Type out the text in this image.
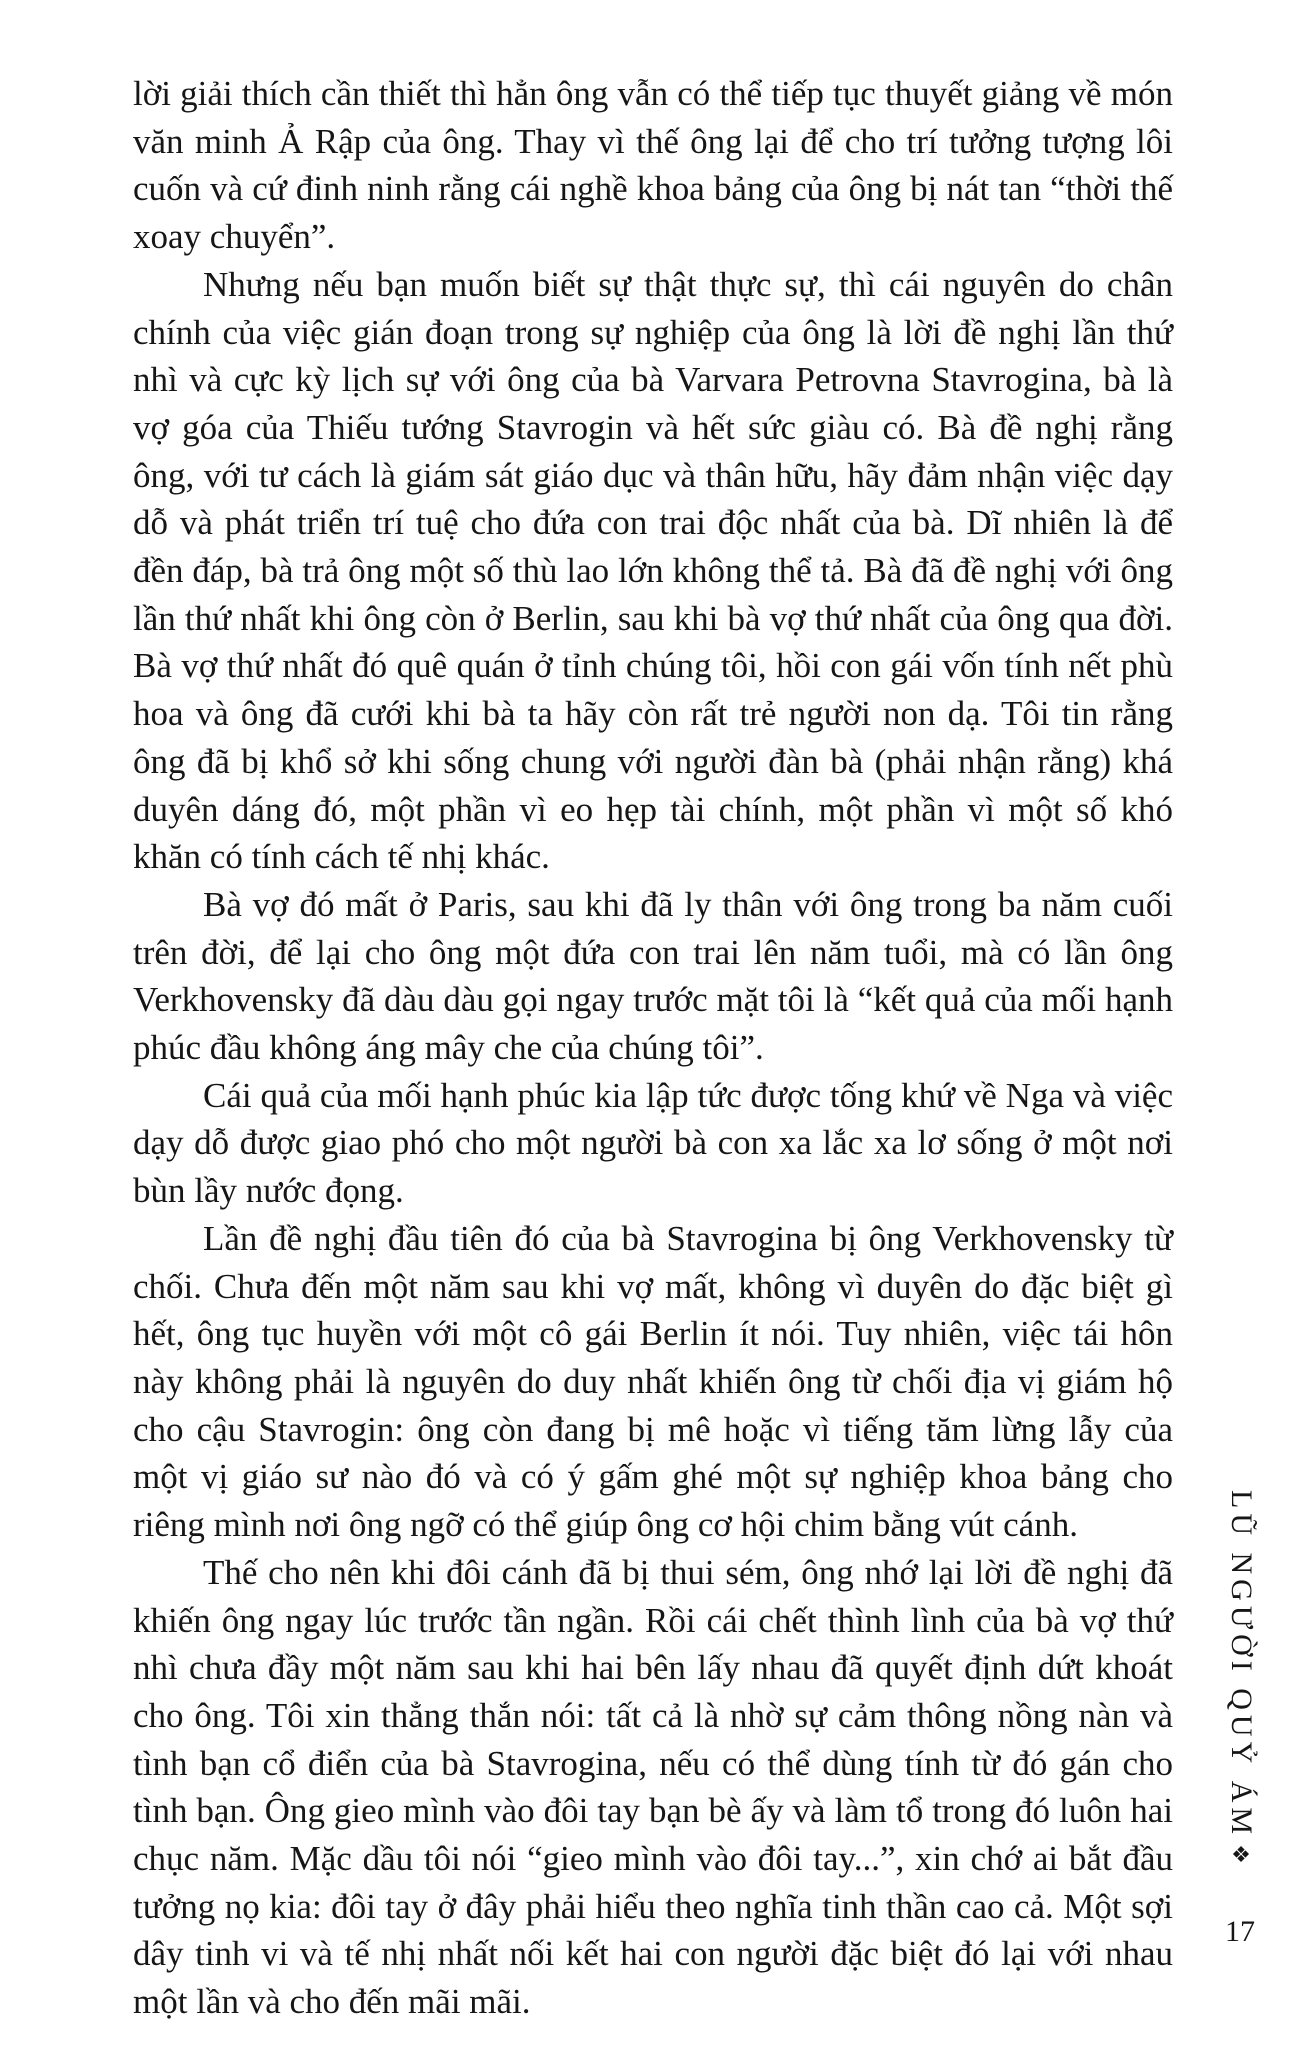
lời giải thích cần thiết thì hẳn ông vẫn có thể tiếp tục thuyết giảng về món văn minh Ả Rập của ông. Thay vì thế ông lại để cho trí tưởng tượng lôi cuốn và cứ đinh ninh rằng cái nghề khoa bảng của ông bị nát tan “thời thế xoay chuyển”.

Nhưng nếu bạn muốn biết sự thật thực sự, thì cái nguyên do chân chính của việc gián đoạn trong sự nghiệp của ông là lời đề nghị lần thứ nhì và cực kỳ lịch sự với ông của bà Varvara Petrovna Stavrogina, bà là vợ góa của Thiếu tướng Stavrogin và hết sức giàu có. Bà đề nghị rằng ông, với tư cách là giám sát giáo dục và thân hữu, hãy đảm nhận việc dạy dỗ và phát triển trí tuệ cho đứa con trai độc nhất của bà. Dĩ nhiên là để đền đáp, bà trả ông một số thù lao lớn không thể tả. Bà đã đề nghị với ông lần thứ nhất khi ông còn ở Berlin, sau khi bà vợ thứ nhất của ông qua đời. Bà vợ thứ nhất đó quê quán ở tỉnh chúng tôi, hồi con gái vốn tính nết phù hoa và ông đã cưới khi bà ta hãy còn rất trẻ người non dạ. Tôi tin rằng ông đã bị khổ sở khi sống chung với người đàn bà (phải nhận rằng) khá duyên dáng đó, một phần vì eo hẹp tài chính, một phần vì một số khó khăn có tính cách tế nhị khác.

Bà vợ đó mất ở Paris, sau khi đã ly thân với ông trong ba năm cuối trên đời, để lại cho ông một đứa con trai lên năm tuổi, mà có lần ông Verkhovensky đã dàu dàu gọi ngay trước mặt tôi là “kết quả của mối hạnh phúc đầu không áng mây che của chúng tôi”.

Cái quả của mối hạnh phúc kia lập tức được tống khứ về Nga và việc dạy dỗ được giao phó cho một người bà con xa lắc xa lơ sống ở một nơi bùn lầy nước đọng.

Lần đề nghị đầu tiên đó của bà Stavrogina bị ông Verkhovensky từ chối. Chưa đến một năm sau khi vợ mất, không vì duyên do đặc biệt gì hết, ông tục huyền với một cô gái Berlin ít nói. Tuy nhiên, việc tái hôn này không phải là nguyên do duy nhất khiến ông từ chối địa vị giám hộ cho cậu Stavrogin: ông còn đang bị mê hoặc vì tiếng tăm lừng lẫy của một vị giáo sư nào đó và có ý gấm ghé một sự nghiệp khoa bảng cho riêng mình nơi ông ngỡ có thể giúp ông cơ hội chim bằng vút cánh.

Thế cho nên khi đôi cánh đã bị thui sém, ông nhớ lại lời đề nghị đã khiến ông ngay lúc trước tần ngần. Rồi cái chết thình lình của bà vợ thứ nhì chưa đầy một năm sau khi hai bên lấy nhau đã quyết định dứt khoát cho ông. Tôi xin thẳng thắn nói: tất cả là nhờ sự cảm thông nồng nàn và tình bạn cổ điển của bà Stavrogina, nếu có thể dùng tính từ đó gán cho tình bạn. Ông gieo mình vào đôi tay bạn bè ấy và làm tổ trong đó luôn hai chục năm. Mặc dầu tôi nói “gieo mình vào đôi tay...”, xin chớ ai bắt đầu tưởng nọ kia: đôi tay ở đây phải hiểu theo nghĩa tinh thần cao cả. Một sợi dây tinh vi và tế nhị nhất nối kết hai con người đặc biệt đó lại với nhau một lần và cho đến mãi mãi.

LŨ NGƯỜI QUỶ ÁM
❖
17
